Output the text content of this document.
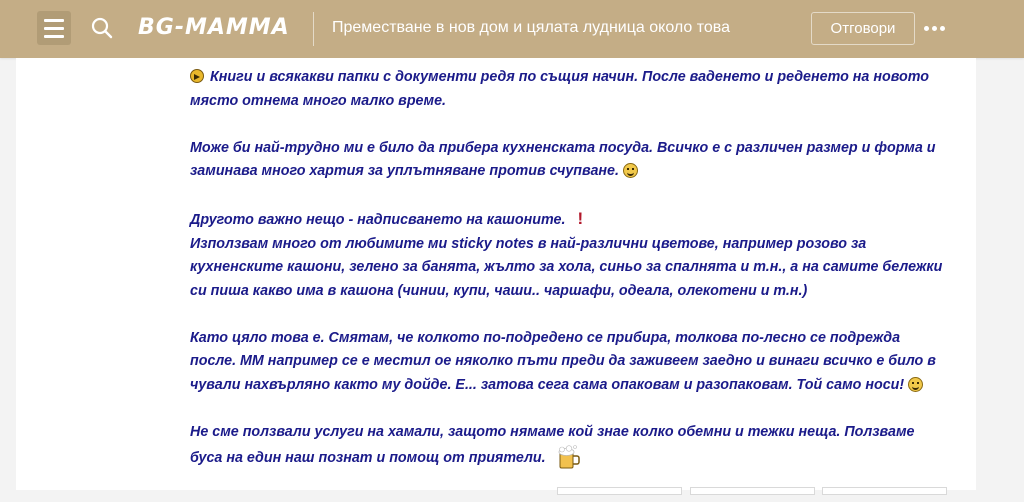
BG-MAMMA	Преместване в нов дом и цялата лудница около това	Отговори

Книги и всякакви папки с документи редя по същия начин. После ваденето и реденето на новото място отнема много малко време.

Може би най-трудно ми е било да прибера кухненската посуда. Всичко е с различен размер и форма и заминава много хартия за уплътняване против счупване.

Другото важно нещо - надписването на кашоните. !
Използвам много от любимите ми sticky notes в най-различни цветове, например розово за кухненските кашони, зелено за банята, жълто за хола, синьо за спалнята и т.н., а на самите бележки си пиша какво има в кашона (чинии, купи, чаши.. чаршафи, одеала, олекотени и т.н.)

Като цяло това е. Смятам, че колкото по-подредено се прибира, толкова по-лесно се подрежда после. ММ например се е местил ое няколко пъти преди да заживеем заедно и винаги всичко е било в чували нахвърляно както му дойде. Е... затова сега сама опаковам и разопаковам. Той само носи!

Не сме ползвали услуги на хамали, защото нямаме кой знае колко обемни и тежки неща. Ползваме буса на един наш познат и помощ от приятели.
